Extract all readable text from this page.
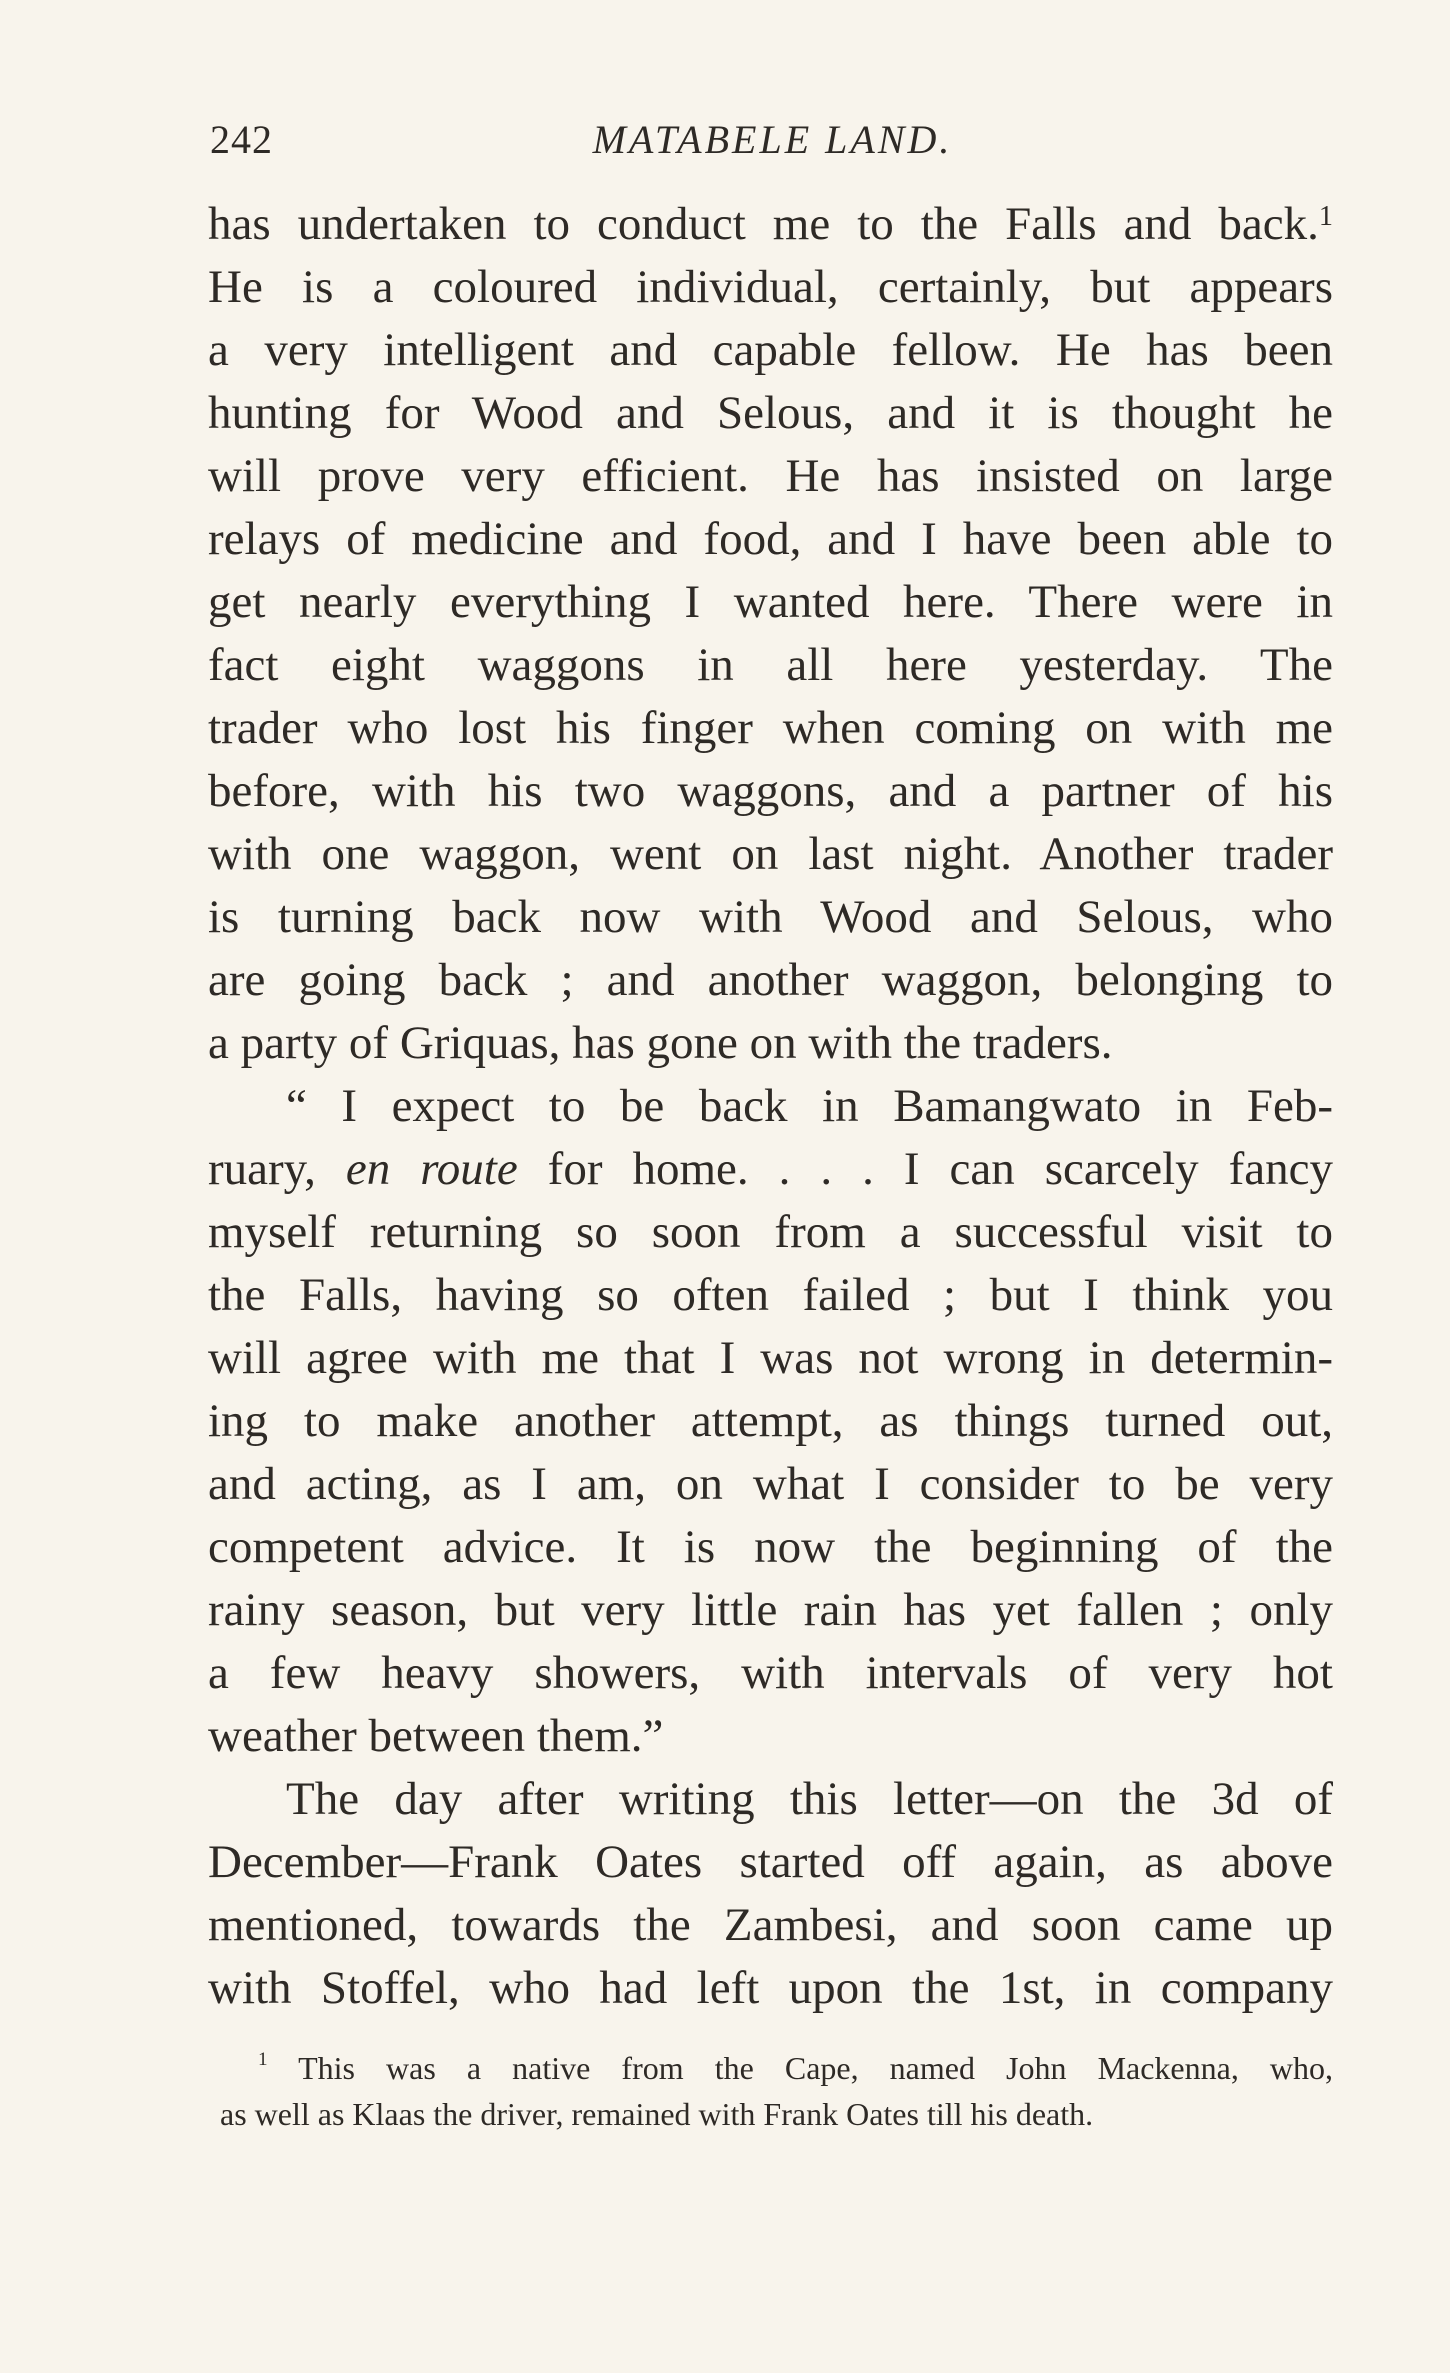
242	MATABELE LAND.
has undertaken to conduct me to the Falls and back.$^1$
He is a coloured individual, certainly, but appears
a very intelligent and capable fellow. He has been
hunting for Wood and Selous, and it is thought he
will prove very efficient. He has insisted on large
relays of medicine and food, and I have been able to
get nearly everything I wanted here. There were in
fact eight waggons in all here yesterday. The
trader who lost his finger when coming on with me
before, with his two waggons, and a partner of his
with one waggon, went on last night. Another trader
is turning back now with Wood and Selous, who
are going back ; and another waggon, belonging to
a party of Griquas, has gone on with the traders.
“ I expect to be back in Bamangwato in Feb-
ruary, en route for home. . . . I can scarcely fancy
myself returning so soon from a successful visit to
the Falls, having so often failed ; but I think you
will agree with me that I was not wrong in determin-
ing to make another attempt, as things turned out,
and acting, as I am, on what I consider to be very
competent advice. It is now the beginning of the
rainy season, but very little rain has yet fallen ; only
a few heavy showers, with intervals of very hot
weather between them.”
The day after writing this letter—on the 3d of
December—Frank Oates started off again, as above
mentioned, towards the Zambesi, and soon came up
with Stoffel, who had left upon the 1st, in company
$^1$ This was a native from the Cape, named John Mackenna, who,
as well as Klaas the driver, remained with Frank Oates till his death.
